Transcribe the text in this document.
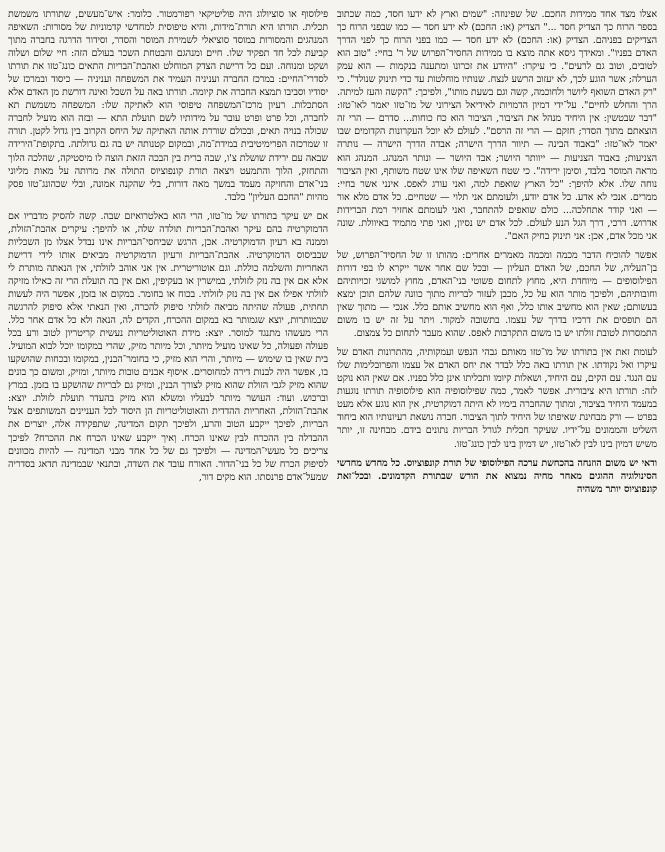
אצלו מצד אחד ממידות החכם. של שפינוזה: "שמים וארץ לא ידעו חסד, כמה שכתוב בספר הרוח כך הצדיק חסד ..." הצדיק (או: החכם) לא ידע חסד — כמו שבפני הרוח כך הצדיקים בפניהם. הצדיק (או: החכם) לא ידע חסד — כמו בפני הרוח כך לפני הדרך האדם בפניו". ומאידך גיסא אתה מוצא בו ממידות החסיד־הפרוש של ר' בחיי: "טוב הוא לטובים, וטוב גם לרעים". כי עיקרו: "היודע את זכרונו ומתענה בנקמות — הוא עמק הערלה; אשר הוגע לכך, לא יעזוב הרשע לנצח. שנותיו מוחלטות עד כדי תינוק שנולד". כי "רק האדם השואף ליושר ולחוכמה, קשה וגם בשעת מותו", ולפיכך: "הקשה והעז למיתה. הרך והחלש לחיים". על־ידי דמיון הדמויות לאידיאל הצירוני של מו־טזו יאמר לאו־טזו: "דבר שבטשין: אין היחיד מנהל את הציבור, הציבור הוא כח כוחות... סדרם — הרי זה הוצאתם מתוך הסדר; חזקם — הרי זה הרסם". לעולם לא יוכל העקרונות הקדומים שבו יאמר לאו־טזו: "באבוד הבינה — תיוור הדרך הישרה; אבדה הדרך הישרה — נותרה הצניעות; באבוד הצניעות — ייוותר היושר; אבד היושר — ונותר המנהג. המנהג הוא מראה המוסר בלבד, וסימן ירידה". כי שטח השאיפה שלו אינו שטח משותף, ואין הציבור נוחה שלו. אלא להיפך: "כל הארץ שואפת למה, ואני עורג לאפס. אינני אשר בחיי: ממרים. אנכי לא אדע. כל אדם יודע, ולעומתם אני תלוי — שטחיים. כל אדם מלא אור — ואני קודר אתחלכה... כולם שואפים להתחבר, ואני לעומתם אחזיר רמת הברידות אדרוש. דרכי, דרך הגל הנע לעולם. לכל אדם יש נסיון, ואני פתי מתמיד באיוולת. שונה אני מכל אדם, אכן: אני תינוק בחיק האם".

אפשר להוכיח הדבר מכמה ומכמה מאמרים אחרים: מהותו זו של החסיד־הפרוש, של בן־העליה, של החכם, של האדם העליון — ובכל שם אחר אשר ייקרא לו בפי דורות הפילוסופים — מיוחדת היא, מחוץ לתחום פשוטי בני־האדם, מחוץ למושגי זכויותיהם וחובותיהם, ולפיכך מותר הוא על כל, מכבן לעזור לבריות מתוך כוונה שלהם תוכן ימצא בעשותם; שאין הוא מחשיב אותו כלל, ואף הוא מחשיב אותם כלל. אנכי — מתוך שאין הם תופסים את דרכיו בדרך של עצמו. בתשובה למקור. ויתר על זה יש בו משום התמסרות לטובת זולתו יש בו משום התקרבות לאפס. שהוא מעבר לתחום כל צמצום.

לעומת זאת אין בתורתו של מו־טזו מאותם גבהי הנפש ועמקותיה, מהתרונות האדם של עיקרו ואל נקודתו. אין תורתו באה כלל לבדר את יחס האדם אל עצמו והפרובלימות שלו עם הנגד. עם הקים, עם היחיד, ושאלות קיומו ותכליתו אינן כלל בפניו. אם שאין הוא נוקט לזה: תורתו היא ציבורית. אפשר לאמר, כמה שפילוסופיה הוא פילוסופיה תורתו נוגעות במעמד היחיד בציבור, ומתוך שהחברה בימיו לא היתה דמוקרטית, אין הוא נוגע אלא מעט בפרט — ורק מבחינת שאיפתו של היחיד לתוך הציבור. חברה נושאת רעיונותיו הוא ביחוד השליט והממונים על־ידיו. שעיקר חבלית לגורל הבריות נתונים בידם. מבחינה זו, יותר משיש דמיון בינו לבין לאו־טזו, יש דמיון בינו לבין כונג־טזו.

ודאי יש משום הוזנחה בהכחשת ערכה הפילוסופי של תורת קונפוציוס. כל מחדש מחדשי הסינולוגיה ההוגים מאחר מחיה נמצוא את הורש שבתורת הקדמונים. ובכל־זאת קונפוציוס יותר משהיה

פילוסוף או סוציולוג היה פוליטיקאי רפורמטור. כלומר: איש־מעשים, שתורתו משמשת תכלית. תורתו היא תורת־מידות, והיא טיפוסית למחדשי קדמוניות של מסורות: השאיפה המנהגים והמסורות במוסד סוציאלי לשמירת המוסר והסדר, וסידור הדרגה בחברה מתוך קביעת לכל חד תפקיד שלו. חיים ומנהגם והבטחת השכר בעולם הזה: חיי שלום ושלוה ושקט ומנוחה. ועם כל דרישת הצדק המוחלט ואהבת־הבריות התאים כונג־טזו את תורתו לסדרי־החיים: במרכז החברה ועניניה העמיד את המשפחה ועניניה — כיסוד ובמרכז של יסודיו וסביבו תמצא החברה את קיומה. תורתו באה על השכל ואינה דורשת מן האדם אלא הסתכלות. רעיון מרכז־המשפחה טיפוסי הוא לאתיקה שלו: המשפחה משמשת תא לחברה, וכל פרט ופרט עובר על מידותיו לשם תועלת התא — ובזה הוא מועיל לחברה שכולה בנויה תאים, ובכולם שוררת אותה האתיקה של היחס הקרוב בין גדול לקטן. תורה זו שמרכזה הפרימיטיבית במידת־מה, ובמקום קטנותה יש בה גם גדולתה. בתקופת־הירידה שבאה עם ירידת שושלת צ'ו, שבה ברית בין הבכה הזאת הוצה לו מיסטיקה, שהלכה הלוך והתחזק, הלוך והתמעט ויצאה תורת קונפוציוס התולה את מרותה על מאות מליוני בני־אדם והחזיקה מעמד במשך מאה דורות, בלי שהקנה אמונה, ובלי שכהונג־טזו פסק מהיות "החכם העליון" בלבד.

אם יש עיקר בתורתו של מו־טזו, הרי הוא באלטרואיזם שבה. קשה להסיק מדבריו אם הדמוקרטיה בהם עיקר ואהבת־הבריות תולדה שלה, או להיפך: עיקרים אהבת־הזולת, וממנה בא רעיון הדמוקרטיה. אכן, הרגש שביחסי־הבריות אינו נבדל אצלו מן השכליות שבביסוס הדמוקרטיה. אהבת־הבריות ורעיון הדמוקרטיה מביאים אותו לידי דרישת האחריות והשלמה כוללת. וגם אוטוריטרית. אין אני אוהב לזולתי, אין הנאתה מותרת לי אלא אם אין בה נזק לזולתי, במישרין או בעקיפין, ואם אין בה תועלת הרי זה כאילו מזיקה לזולתי אפילו אם אין בה נזק לזולתי. בכוח או בחומר. במקום או בזמן, אפשר היה לעשות תחתית, פעולה שהיתה מביאה לזולתי סיפוק להכרה, ואין הנאתי אלא סיפוק להרגשה שבמותרות, יוצא שגמותר בא במקום ההכרח, הקדים לה, הנאה ולא כל אדם אחר כלל. הרי מעשהו מתנגד למוסר. יוצא: מידת האוטוליטריות נעשית קריטריון לטוב ורע בכל פעולה ופעולה, כל שאינו מועיל מיותר, וכל מיותר מזיק, שהרי במקומו יוכל לבוא המועיל. בית שאין בו שימוש — מיותר, והרי הוא מזיק, כי בחומר־הבנין, במקומו ובכחות שהושקעו בו, אפשר היה לבנות דירה למחוסרים. איסוף אבנים טובות מיותר, ומזיק, ומשום כך בונים שהוא מזיק לגבי הזולת שהוא מזיק לצורך הבנין, ומזיק גם לבריות שהושקע בו בזמן. במרץ וברכוש. ועוד: העושר מיותר לבעליו ומשלא הוא מזיק בהעדר תועלת לזולת. יוצא: אהבת־הזולת, האחריות ההדדית והאוטוליטריות הן היסוד לכל העניינים המשותפים אצל הבריות, לפיכך ייקבע הטוב והרע, ולפיכך תקום המדינה, שתפקידה אלה, יוצרים את ההבדלה בין ההכרח לבין שאינו הכרח. וְאיך ייקבע שאינו הכרח את ההכרח? לפיכך צריכים כל מעשי־המדינה — ולפיכך גם של כל אחד מבני המדינה — להיות מכוונים לסיפוק הכרח של כל בני־הדור. האורח עובד את השדה, ובתנאי שבמדינה תדאג בסדריה שמעל־אדם פרנסתו. הוא מקים דור,
